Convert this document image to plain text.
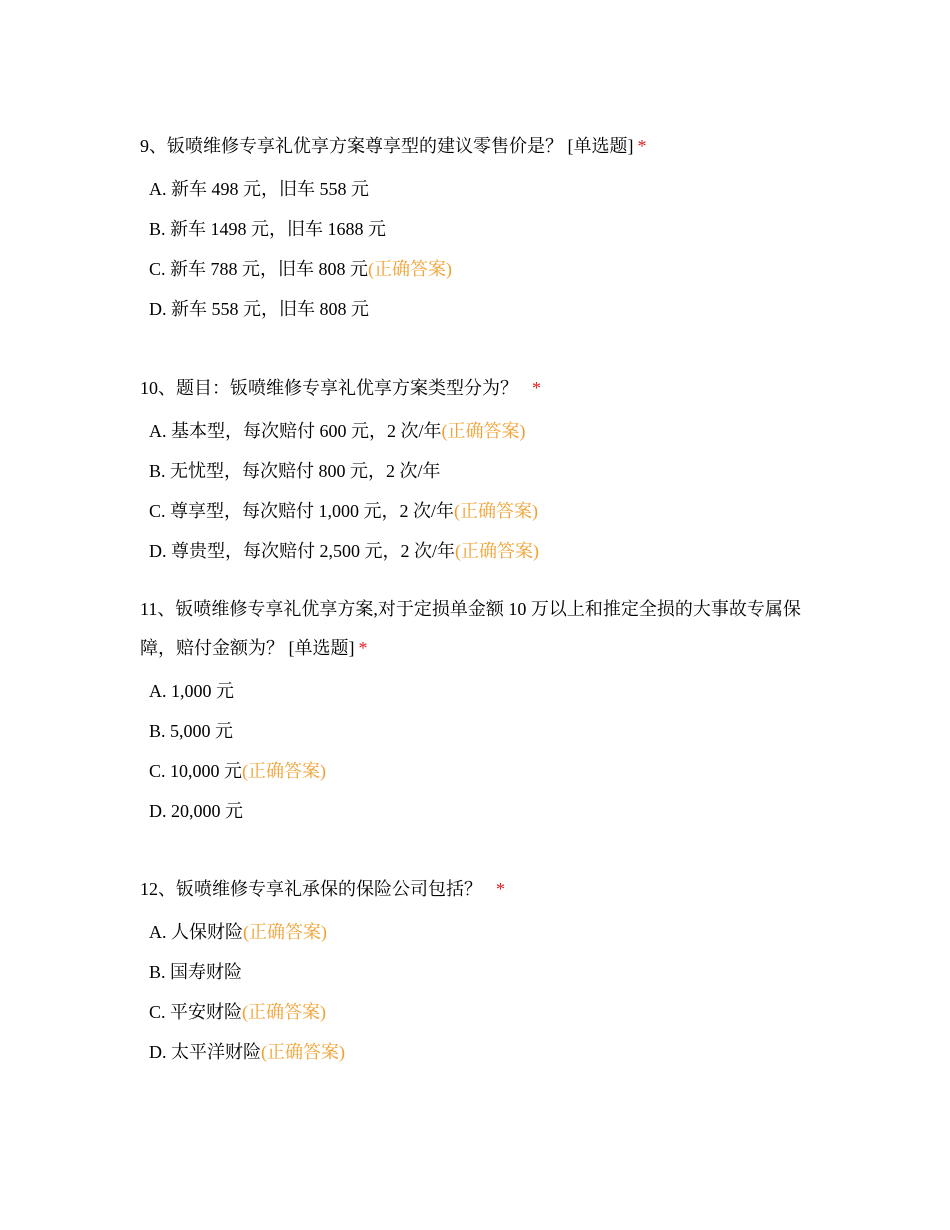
9、钣喷维修专享礼优享方案尊享型的建议零售价是？ [单选题] *

A. 新车 498 元，旧车 558 元
B. 新车 1498 元，旧车 1688 元
C. 新车 788 元，旧车 808 元(正确答案)
D. 新车 558 元，旧车 808 元

10、题目：钣喷维修专享礼优享方案类型分为？ *

A. 基本型，每次赔付 600 元，2 次/年(正确答案)
B. 无忧型，每次赔付 800 元，2 次/年
C. 尊享型，每次赔付 1,000 元，2 次/年(正确答案)
D. 尊贵型，每次赔付 2,500 元，2 次/年(正确答案)

11、钣喷维修专享礼优享方案,对于定损单金额 10 万以上和推定全损的大事故专属保障，赔付金额为？ [单选题] *

A. 1,000 元
B. 5,000 元
C. 10,000 元(正确答案)
D. 20,000 元

12、钣喷维修专享礼承保的保险公司包括？ *

A. 人保财险(正确答案)
B. 国寿财险
C. 平安财险(正确答案)
D. 太平洋财险(正确答案)
